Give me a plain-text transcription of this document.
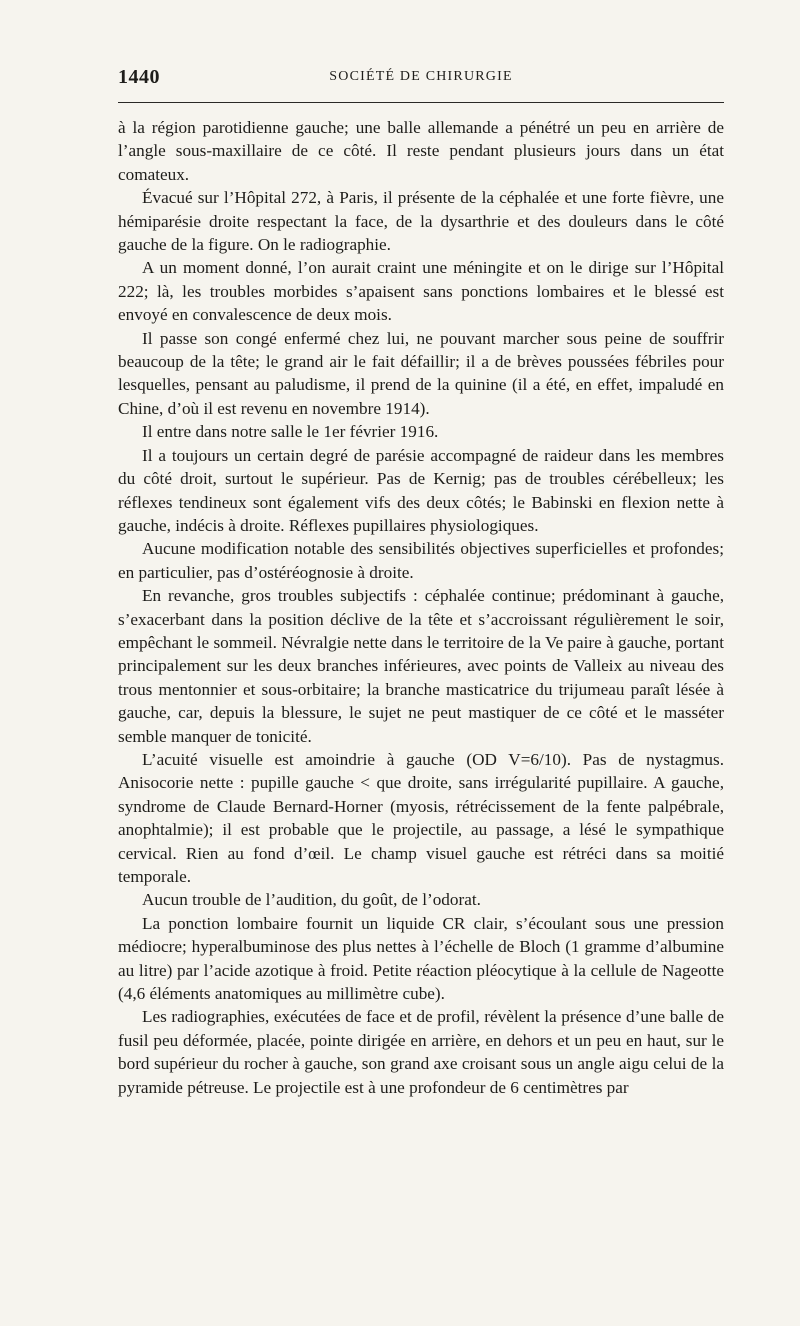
1440	SOCIÉTÉ DE CHIRURGIE

à la région parotidienne gauche; une balle allemande a pénétré un peu en arrière de l’angle sous-maxillaire de ce côté. Il reste pendant plusieurs jours dans un état comateux.

Évacué sur l’Hôpital 272, à Paris, il présente de la céphalée et une forte fièvre, une hémiparésie droite respectant la face, de la dysarthrie et des douleurs dans le côté gauche de la figure. On le radiographie.

A un moment donné, l’on aurait craint une méningite et on le dirige sur l’Hôpital 222; là, les troubles morbides s’apaisent sans ponctions lombaires et le blessé est envoyé en convalescence de deux mois.

Il passe son congé enfermé chez lui, ne pouvant marcher sous peine de souffrir beaucoup de la tête; le grand air le fait défaillir; il a de brèves poussées fébriles pour lesquelles, pensant au paludisme, il prend de la quinine (il a été, en effet, impaludé en Chine, d’où il est revenu en novembre 1914).

Il entre dans notre salle le 1er février 1916.

Il a toujours un certain degré de parésie accompagné de raideur dans les membres du côté droit, surtout le supérieur. Pas de Kernig; pas de troubles cérébelleux; les réflexes tendineux sont également vifs des deux côtés; le Babinski en flexion nette à gauche, indécis à droite. Réflexes pupillaires physiologiques.

Aucune modification notable des sensibilités objectives superficielles et profondes; en particulier, pas d’ostéréognosie à droite.

En revanche, gros troubles subjectifs : céphalée continue; prédominant à gauche, s’exacerbant dans la position déclive de la tête et s’accroissant régulièrement le soir, empêchant le sommeil. Névralgie nette dans le territoire de la Ve paire à gauche, portant principalement sur les deux branches inférieures, avec points de Valleix au niveau des trous mentonnier et sous-orbitaire; la branche masticatrice du trijumeau paraît lésée à gauche, car, depuis la blessure, le sujet ne peut mastiquer de ce côté et le masséter semble manquer de tonicité.

L’acuité visuelle est amoindrie à gauche (OD V=6/10). Pas de nystagmus. Anisocorie nette : pupille gauche < que droite, sans irrégularité pupillaire. A gauche, syndrome de Claude Bernard-Horner (myosis, rétrécissement de la fente palpébrale, anophtalmie); il est probable que le projectile, au passage, a lésé le sympathique cervical. Rien au fond d’œil. Le champ visuel gauche est rétréci dans sa moitié temporale.

Aucun trouble de l’audition, du goût, de l’odorat.

La ponction lombaire fournit un liquide CR clair, s’écoulant sous une pression médiocre; hyperalbuminose des plus nettes à l’échelle de Bloch (1 gramme d’albumine au litre) par l’acide azotique à froid. Petite réaction pléocytique à la cellule de Nageotte (4,6 éléments anatomiques au millimètre cube).

Les radiographies, exécutées de face et de profil, révèlent la présence d’une balle de fusil peu déformée, placée, pointe dirigée en arrière, en dehors et un peu en haut, sur le bord supérieur du rocher à gauche, son grand axe croisant sous un angle aigu celui de la pyramide pétreuse. Le projectile est à une profondeur de 6 centimètres par
